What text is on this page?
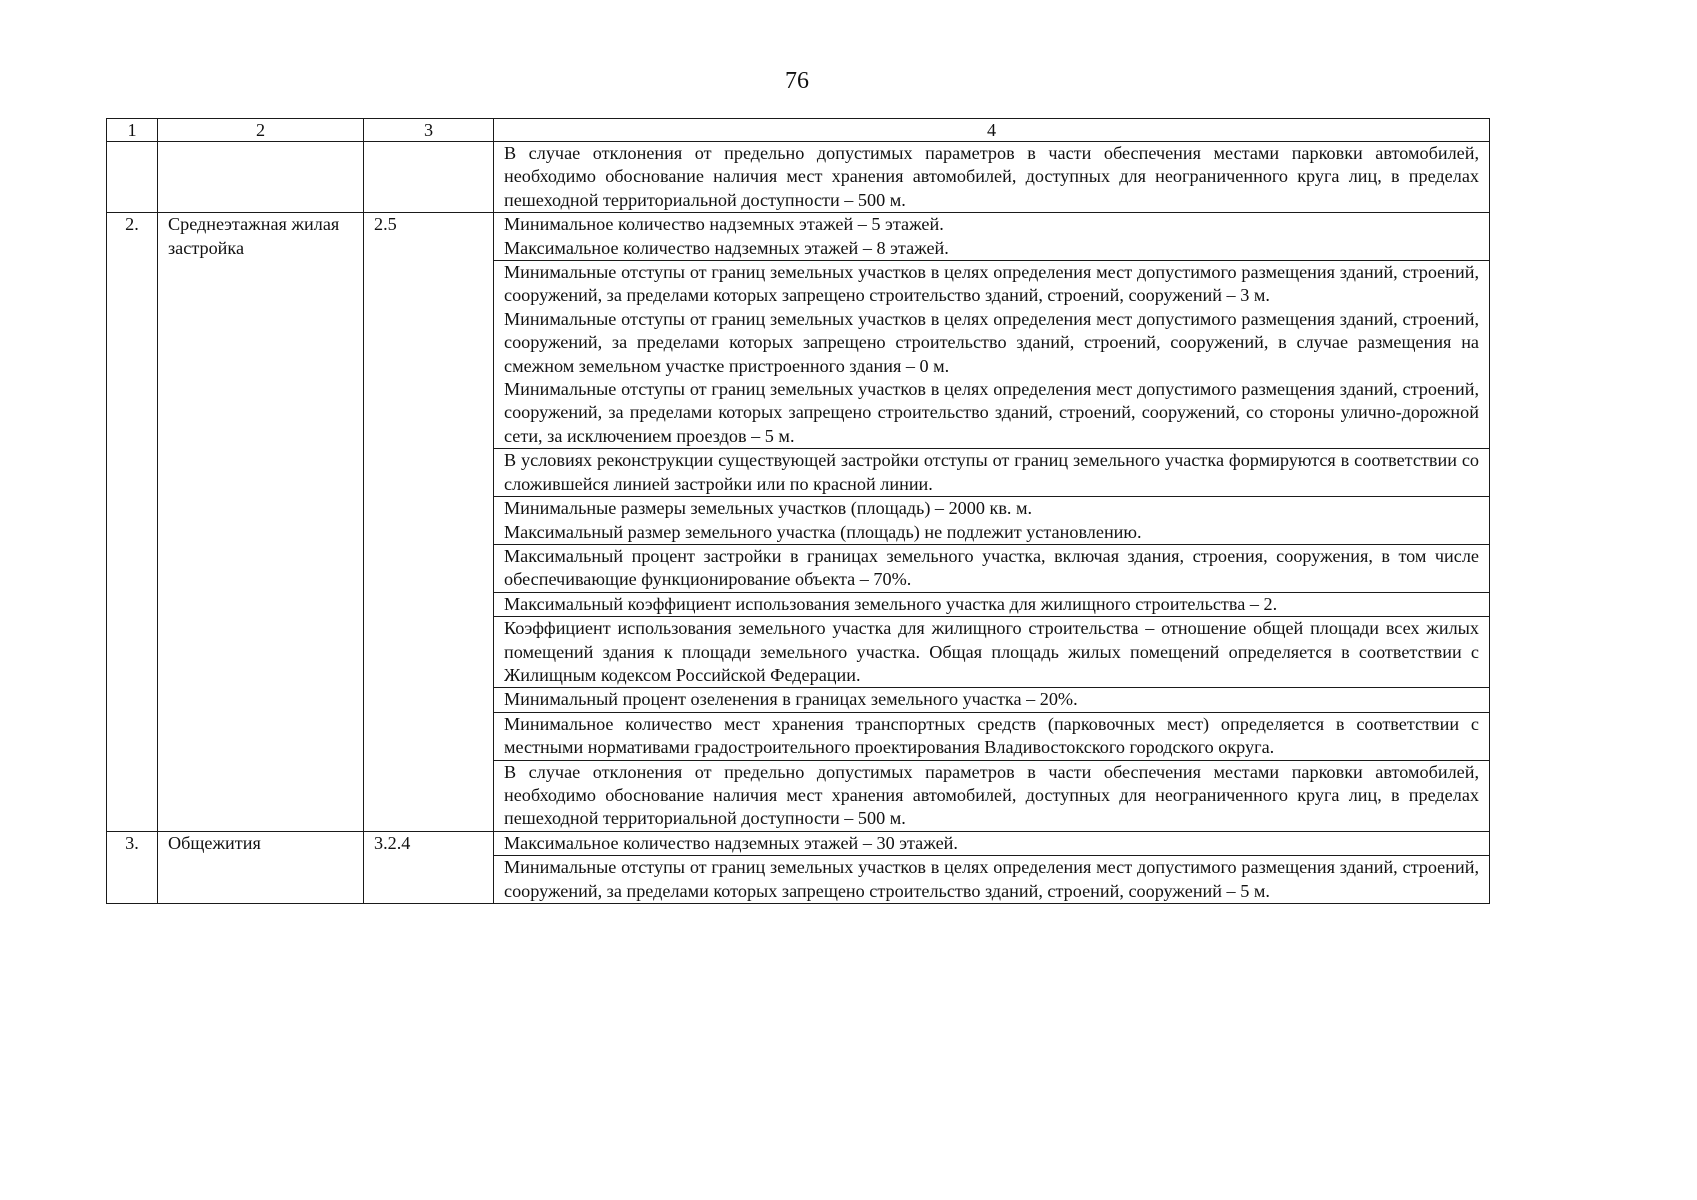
76
1	2	3	4

			В случае отклонения от предельно допустимых параметров в части обеспечения местами парковки автомобилей, необходимо обоснование наличия мест хранения автомобилей, доступных для неограниченного круга лиц, в пределах пешеходной территориальной доступности – 500 м.

2.	Среднеэтажная жилая застройка	2.5	Минимальное количество надземных этажей – 5 этажей.
Максимальное количество надземных этажей – 8 этажей.

			Минимальные отступы от границ земельных участков в целях определения мест допустимого размещения зданий, строений, сооружений, за пределами которых запрещено строительство зданий, строений, сооружений – 3 м.
Минимальные отступы от границ земельных участков в целях определения мест допустимого размещения зданий, строений, сооружений, за пределами которых запрещено строительство зданий, строений, сооружений, в случае размещения на смежном земельном участке пристроенного здания – 0 м.
Минимальные отступы от границ земельных участков в целях определения мест допустимого размещения зданий, строений, сооружений, за пределами которых запрещено строительство зданий, строений, сооружений, со стороны улично-дорожной сети, за исключением проездов – 5 м.

			В условиях реконструкции существующей застройки отступы от границ земельного участка формируются в соответствии со сложившейся линией застройки или по красной линии.

			Минимальные размеры земельных участков (площадь) – 2000 кв. м.
Максимальный размер земельного участка (площадь) не подлежит установлению.

			Максимальный процент застройки в границах земельного участка, включая здания, строения, сооружения, в том числе обеспечивающие функционирование объекта – 70%.

			Максимальный коэффициент использования земельного участка для жилищного строительства – 2.

			Коэффициент использования земельного участка для жилищного строительства – отношение общей площади всех жилых помещений здания к площади земельного участка. Общая площадь жилых помещений определяется в соответствии с Жилищным кодексом Российской Федерации.

			Минимальный процент озеленения в границах земельного участка – 20%.

			Минимальное количество мест хранения транспортных средств (парковочных мест) определяется в соответствии с местными нормативами градостроительного проектирования Владивостокского городского округа.

			В случае отклонения от предельно допустимых параметров в части обеспечения местами парковки автомобилей, необходимо обоснование наличия мест хранения автомобилей, доступных для неограниченного круга лиц, в пределах пешеходной территориальной доступности – 500 м.

3.	Общежития	3.2.4	Максимальное количество надземных этажей – 30 этажей.

			Минимальные отступы от границ земельных участков в целях определения мест допустимого размещения зданий, строений, сооружений, за пределами которых запрещено строительство зданий, строений, сооружений – 5 м.
